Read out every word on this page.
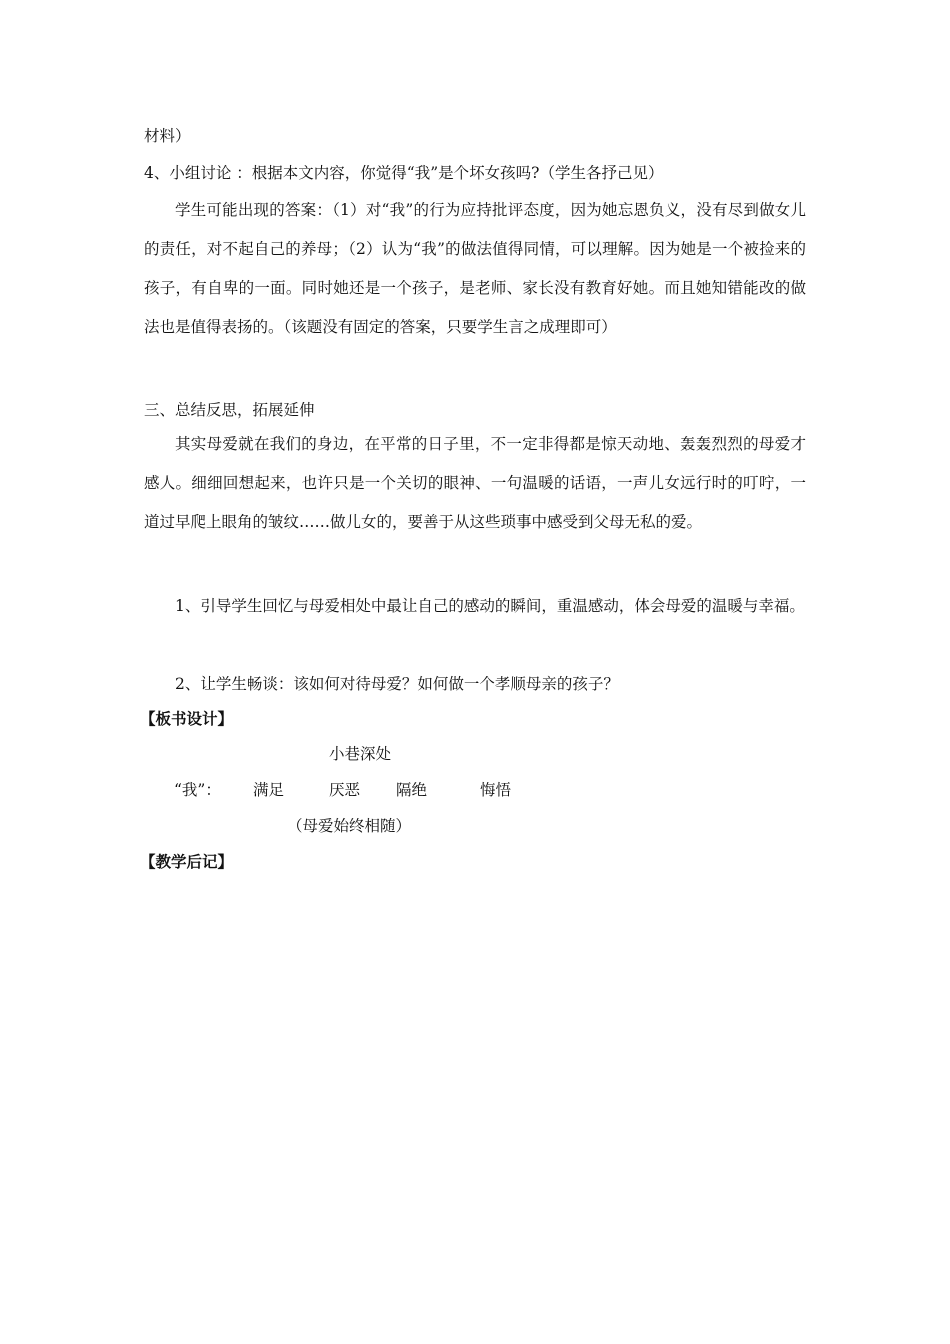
材料）
4、小组讨论 ：根据本文内容，你觉得“我”是个坏女孩吗?（学生各抒己见）
学生可能出现的答案：（1）对“我”的行为应持批评态度，因为她忘恩负义，没有尽到做女儿的责任，对不起自己的养母；（2）认为“我”的做法值得同情，可以理解。因为她是一个被捡来的孩子，有自卑的一面。同时她还是一个孩子，是老师、家长没有教育好她。而且她知错能改的做法也是值得表扬的。（该题没有固定的答案，只要学生言之成理即可）
三、总结反思，拓展延伸
其实母爱就在我们的身边，在平常的日子里，不一定非得都是惊天动地、轰轰烈烈的母爱才感人。细细回想起来，也许只是一个关切的眼神、一句温暖的话语，一声儿女远行时的叮咛，一道过早爬上眼角的皱纹……做儿女的，要善于从这些琐事中感受到父母无私的爱。
1、引导学生回忆与母爱相处中最让自己的感动的瞬间，重温感动，体会母爱的温暖与幸福。
2、让学生畅谈：该如何对待母爱？如何做一个孝顺母亲的孩子？
【板书设计】
小巷深处
“我”： 满足	厌恶 隔绝	悔悟
（母爱始终相随）
【教学后记】
